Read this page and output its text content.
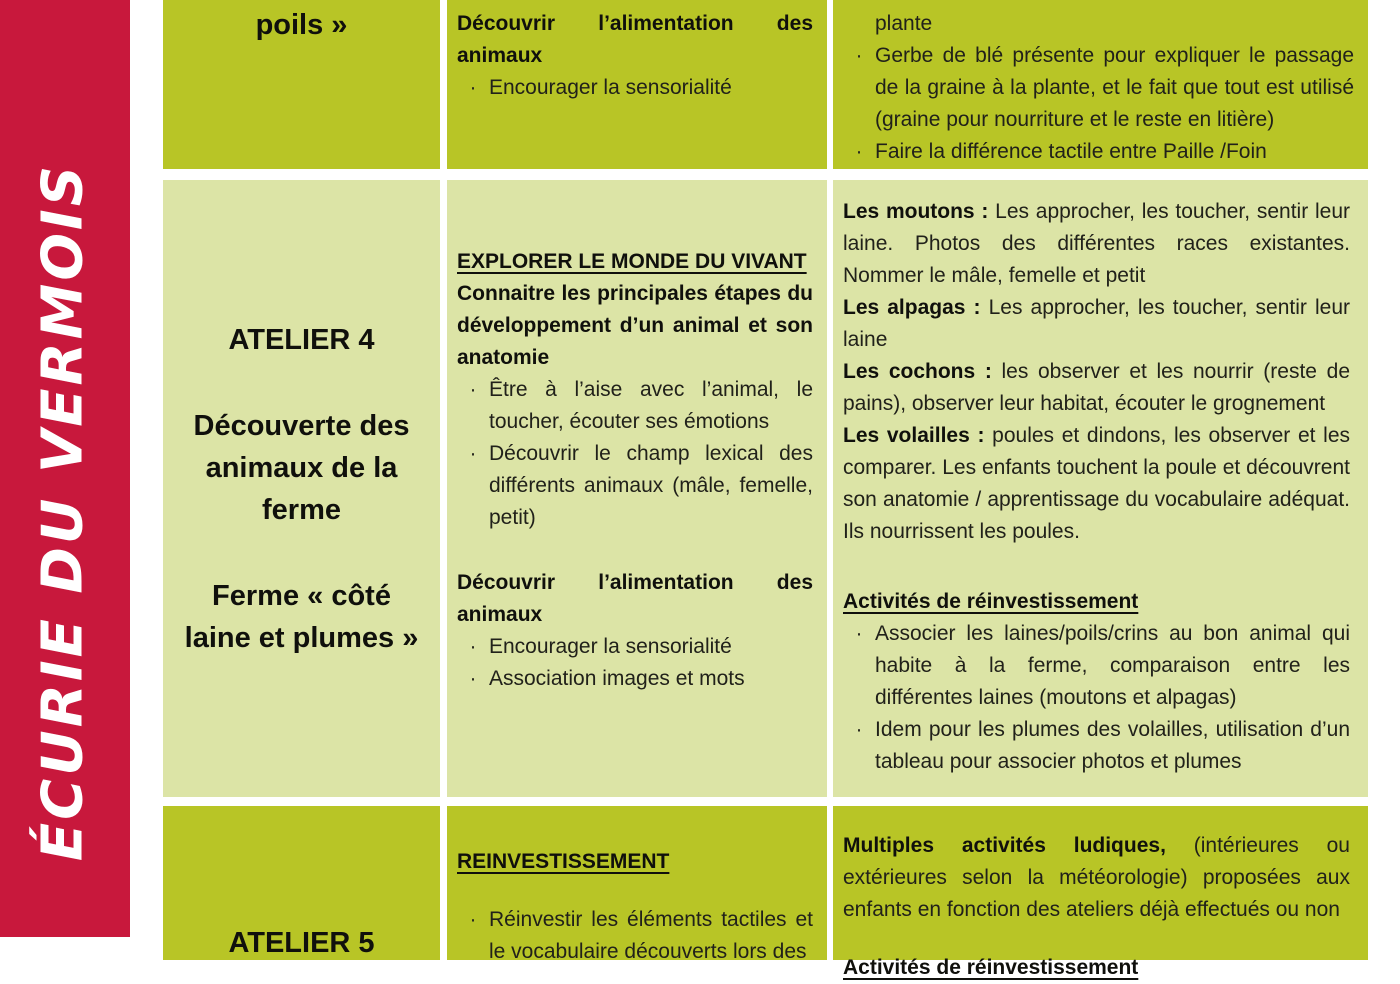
ÉCURIE DU VERMOIS
poils »	Découvrir l’alimentation des animaux

· Encourager la sensorialité
plante
· Gerbe de blé présente pour expliquer le passage de la graine à la plante, et le fait que tout est utilisé (graine pour nourriture et le reste en litière)
· Faire la différence tactile entre Paille /Foin
ATELIER 4
Découverte des animaux de la ferme
Ferme « côté laine et plumes »

EXPLORER LE MONDE DU VIVANT

Connaitre les principales étapes du développement d’un animal et son anatomie

· Être à l’aise avec l’animal, le toucher, écouter ses émotions
· Découvrir le champ lexical des différents animaux (mâle, femelle, petit)

Découvrir l’alimentation des animaux

· Encourager la sensorialité
· Association images et mots

Les moutons : Les approcher, les toucher, sentir leur laine. Photos des différentes races existantes. Nommer le mâle, femelle et petit

Les alpagas : Les approcher, les toucher, sentir leur laine

Les cochons : les observer et les nourrir (reste de pains), observer leur habitat, écouter le grognement

Les volailles : poules et dindons, les observer et les comparer. Les enfants touchent la poule et découvrent son anatomie / apprentissage du vocabulaire adéquat. Ils nourrissent les poules.

Activités de réinvestissement

· Associer les laines/poils/crins au bon animal qui habite à la ferme, comparaison entre les différentes laines (moutons et alpagas)
· Idem pour les plumes des volailles, utilisation d’un tableau pour associer photos et plumes
ATELIER 5

REINVESTISSEMENT

· Réinvestir les éléments tactiles et le vocabulaire découverts lors des

Multiples activités ludiques, (intérieures ou extérieures selon la météorologie) proposées aux enfants en fonction des ateliers déjà effectués ou non

Activités de réinvestissement
